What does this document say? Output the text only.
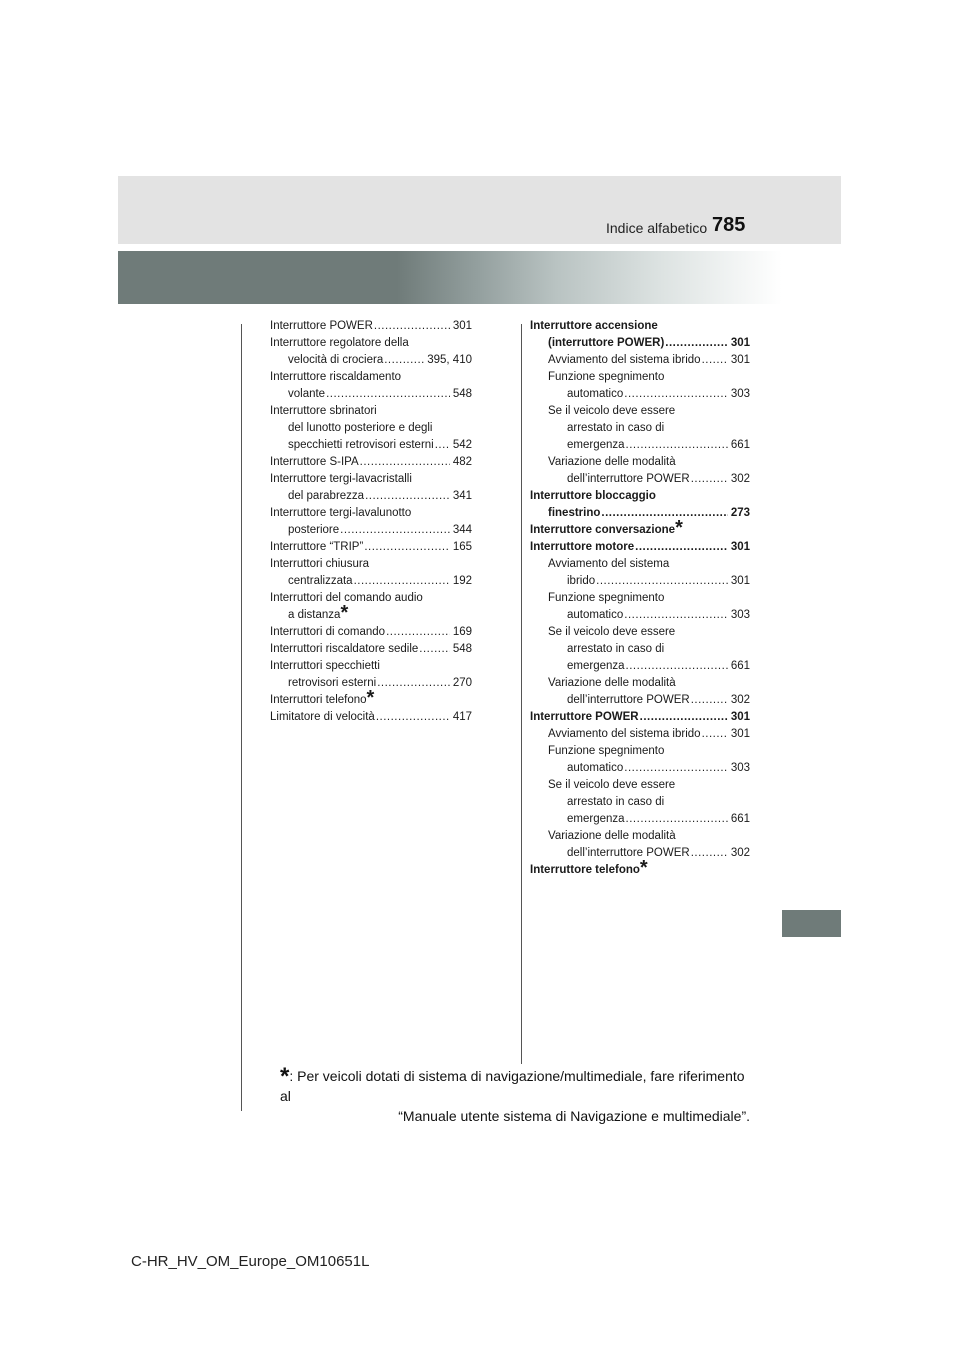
Indice alfabetico 785
Interruttore POWER .....	301
Interruttore regolatore della
velocità di crociera .....	395, 410
Interruttore riscaldamento
volante .....	548
Interruttore sbrinatori
del lunotto posteriore e degli
specchietti retrovisori esterni ..... 542
Interruttore S-IPA .....	482
Interruttore tergi-lavacristalli
del parabrezza .....	341
Interruttore tergi-lavalunotto
posteriore .....	344
Interruttore “TRIP” .....	165
Interruttori chiusura
centralizzata .....	192
Interruttori del comando audio
a distanza*
Interruttori di comando .....	169
Interruttori riscaldatore sedile .....	548
Interruttori specchietti
retrovisori esterni .....	270
Interruttori telefono*
Limitatore di velocità .....	417
Interruttore accensione
(interruttore POWER) .....	301
Avviamento del sistema ibrido .....	301
Funzione spegnimento
automatico .....	303
Se il veicolo deve essere
arrestato in caso di
emergenza .....	661
Variazione delle modalità
dell’interruttore POWER .....	302
Interruttore bloccaggio
finestrino .....	273
Interruttore conversazione*
Interruttore motore .....	301
Avviamento del sistema
ibrido .....	301
Funzione spegnimento
automatico .....	303
Se il veicolo deve essere
arrestato in caso di
emergenza .....	661
Variazione delle modalità
dell’interruttore POWER .....	302
Interruttore POWER .....	301
Avviamento del sistema ibrido .....	301
Funzione spegnimento
automatico .....	303
Se il veicolo deve essere
arrestato in caso di
emergenza .....	661
Variazione delle modalità
dell’interruttore POWER .....	302
Interruttore telefono*
*: Per veicoli dotati di sistema di navigazione/multimediale, fare riferimento al
“Manuale utente sistema di Navigazione e multimediale”.
C-HR_HV_OM_Europe_OM10651L
